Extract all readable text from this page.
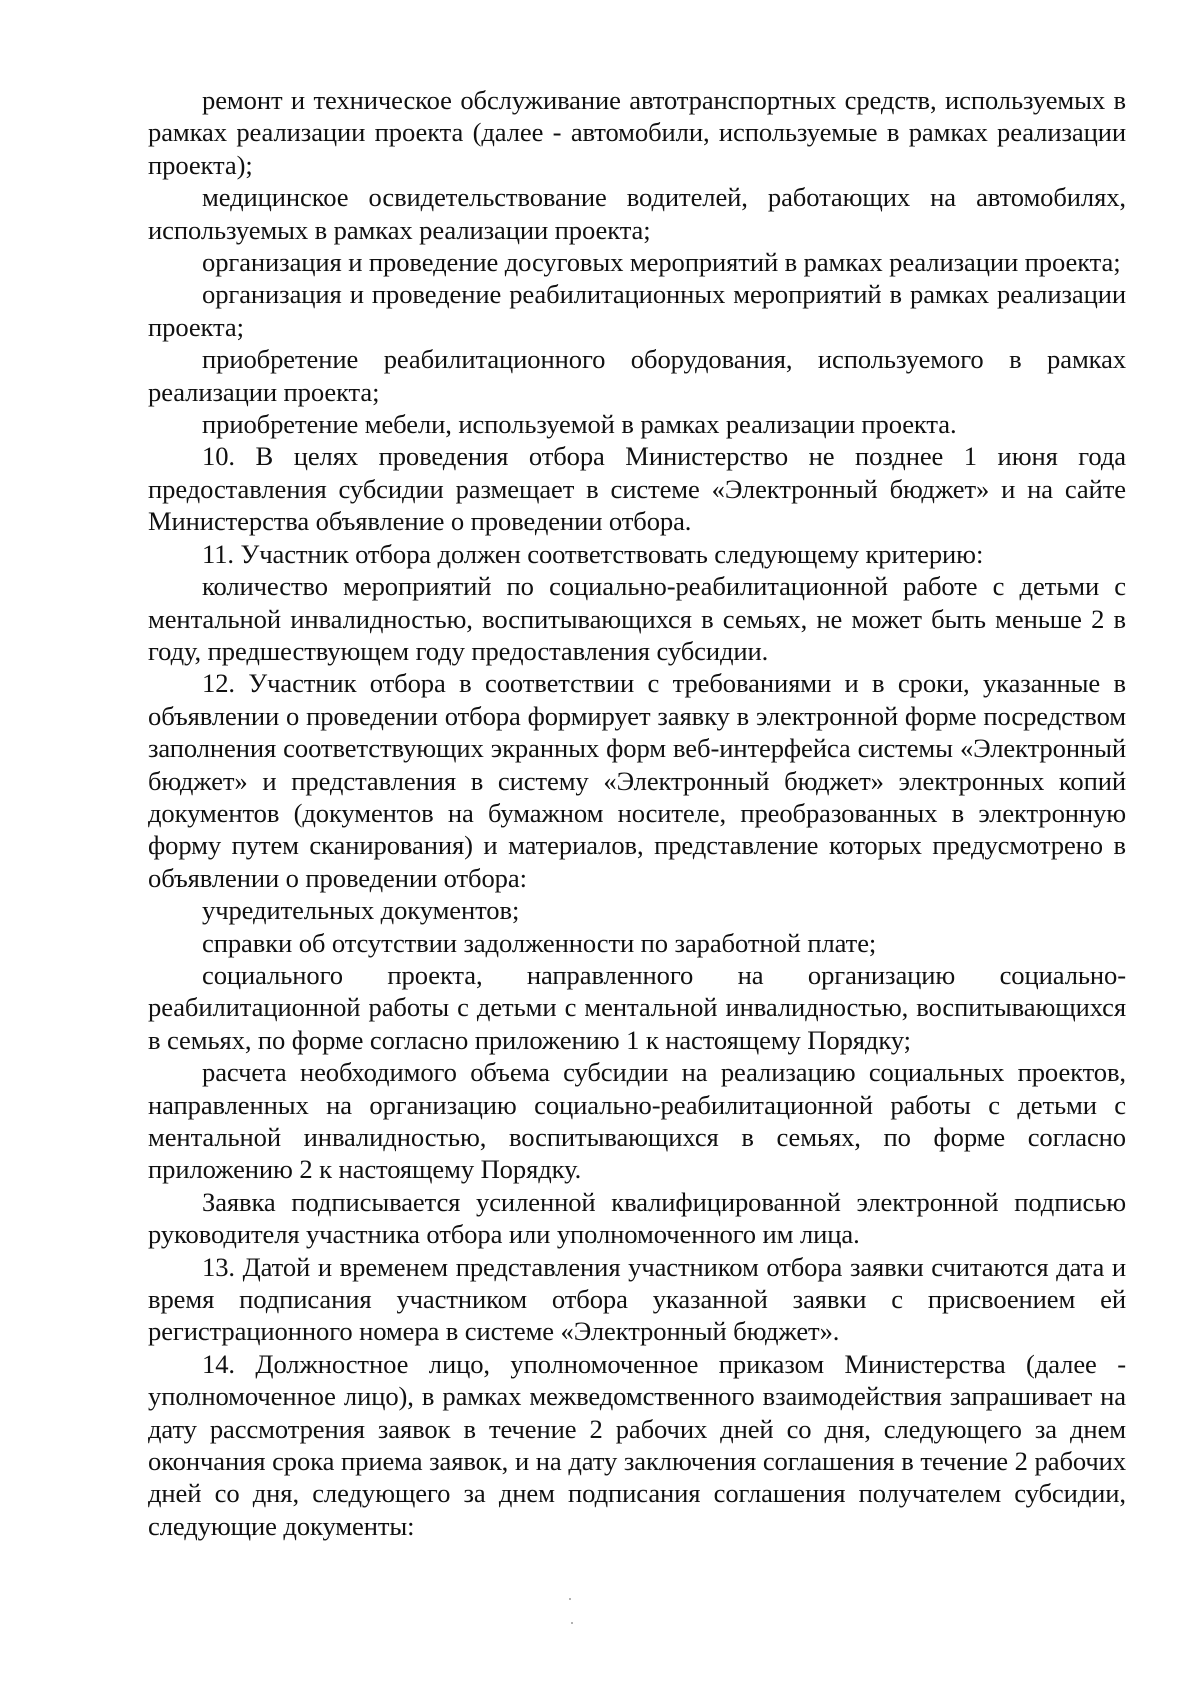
ремонт и техническое обслуживание автотранспортных средств, используемых в рамках реализации проекта (далее - автомобили, используемые в рамках реализации проекта);

медицинское освидетельствование водителей, работающих на автомобилях, используемых в рамках реализации проекта;

организация и проведение досуговых мероприятий в рамках реализации проекта;

организация и проведение реабилитационных мероприятий в рамках реализации проекта;

приобретение реабилитационного оборудования, используемого в рамках реализации проекта;

приобретение мебели, используемой в рамках реализации проекта.

10. В целях проведения отбора Министерство не позднее 1 июня года предоставления субсидии размещает в системе «Электронный бюджет» и на сайте Министерства объявление о проведении отбора.

11. Участник отбора должен соответствовать следующему критерию:

количество мероприятий по социально-реабилитационной работе с детьми с ментальной инвалидностью, воспитывающихся в семьях, не может быть меньше 2 в году, предшествующем году предоставления субсидии.

12. Участник отбора в соответствии с требованиями и в сроки, указанные в объявлении о проведении отбора формирует заявку в электронной форме посредством заполнения соответствующих экранных форм веб-интерфейса системы «Электронный бюджет» и представления в систему «Электронный бюджет» электронных копий документов (документов на бумажном носителе, преобразованных в электронную форму путем сканирования) и материалов, представление которых предусмотрено в объявлении о проведении отбора:

учредительных документов;

справки об отсутствии задолженности по заработной плате;

социального проекта, направленного на организацию социально-реабилитационной работы с детьми с ментальной инвалидностью, воспитывающихся в семьях, по форме согласно приложению 1 к настоящему Порядку;

расчета необходимого объема субсидии на реализацию социальных проектов, направленных на организацию социально-реабилитационной работы с детьми с ментальной инвалидностью, воспитывающихся в семьях, по форме согласно приложению 2 к настоящему Порядку.

Заявка подписывается усиленной квалифицированной электронной подписью руководителя участника отбора или уполномоченного им лица.

13. Датой и временем представления участником отбора заявки считаются дата и время подписания участником отбора указанной заявки с присвоением ей регистрационного номера в системе «Электронный бюджет».

14. Должностное лицо, уполномоченное приказом Министерства (далее - уполномоченное лицо), в рамках межведомственного взаимодействия запрашивает на дату рассмотрения заявок в течение 2 рабочих дней со дня, следующего за днем окончания срока приема заявок, и на дату заключения соглашения в течение 2 рабочих дней со дня, следующего за днем подписания соглашения получателем субсидии, следующие документы:
